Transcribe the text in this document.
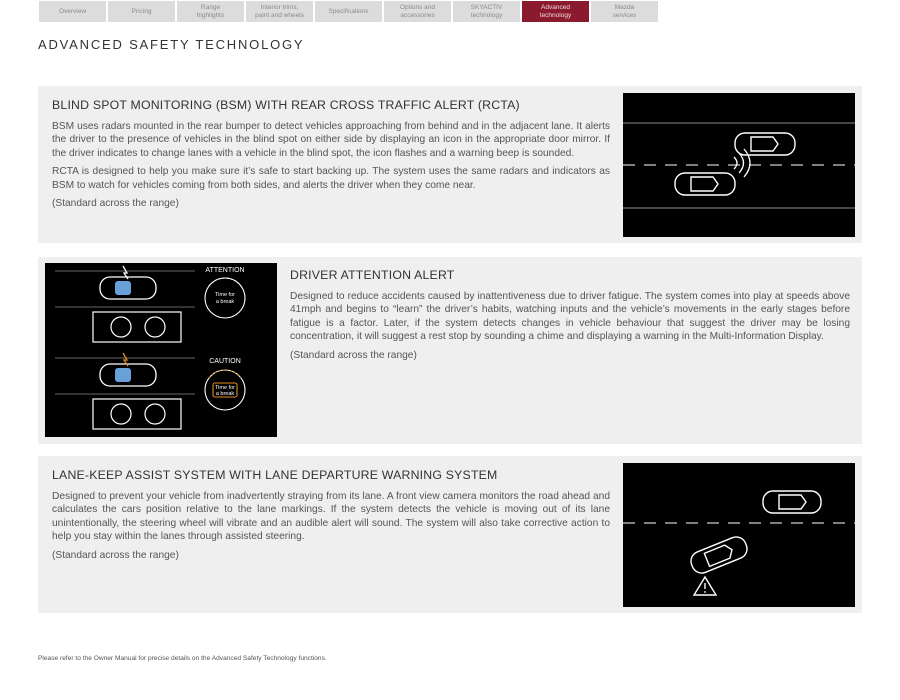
Overview	Pricing
Range
highlights
Interior trims,
paint and wheels
Specifications
Options and
accessories
SKYACTIV
technology
Advanced
technology
Mazda
services
ADVANCED SAFETY TECHNOLOGY
BLIND SPOT MONITORING (BSM) WITH REAR CROSS TRAFFIC ALERT (RCTA)

BSM uses radars mounted in the rear bumper to detect vehicles approaching from behind and in the adjacent lane. It alerts the driver to the presence of vehicles in the blind spot on either side by displaying an icon in the appropriate door mirror. If the driver indicates to change lanes with a vehicle in the blind spot, the icon flashes and a warning beep is sounded.

RCTA is designed to help you make sure it’s safe to start backing up. The system uses the same radars and indicators as BSM to watch for vehicles coming from both sides, and alerts the driver when they come near.

(Standard across the range)

ATTENTION
Time for
a break
CAUTION
Time for
a break
DRIVER ATTENTION ALERT

Designed to reduce accidents caused by inattentiveness due to driver fatigue. The system comes into play at speeds above 41mph and begins to “learn” the driver’s habits, watching inputs and the vehicle’s movements in the early stages before fatigue is a factor. Later, if the system detects changes in vehicle behaviour that suggest the driver may be losing concentration, it will suggest a rest stop by sounding a chime and displaying a warning in the Multi-Information Display.

(Standard across the range)

LANE-KEEP ASSIST SYSTEM WITH LANE DEPARTURE WARNING SYSTEM

Designed to prevent your vehicle from inadvertently straying from its lane. A front view camera monitors the road ahead and calculates the cars position relative to the lane markings. If the system detects the vehicle is moving out of its lane unintentionally, the steering wheel will vibrate and an audible alert will sound. The system will also take corrective action to help you stay within the lanes through assisted steering.

(Standard across the range)

Please refer to the Owner Manual for precise details on the Advanced Safety Technology functions.
